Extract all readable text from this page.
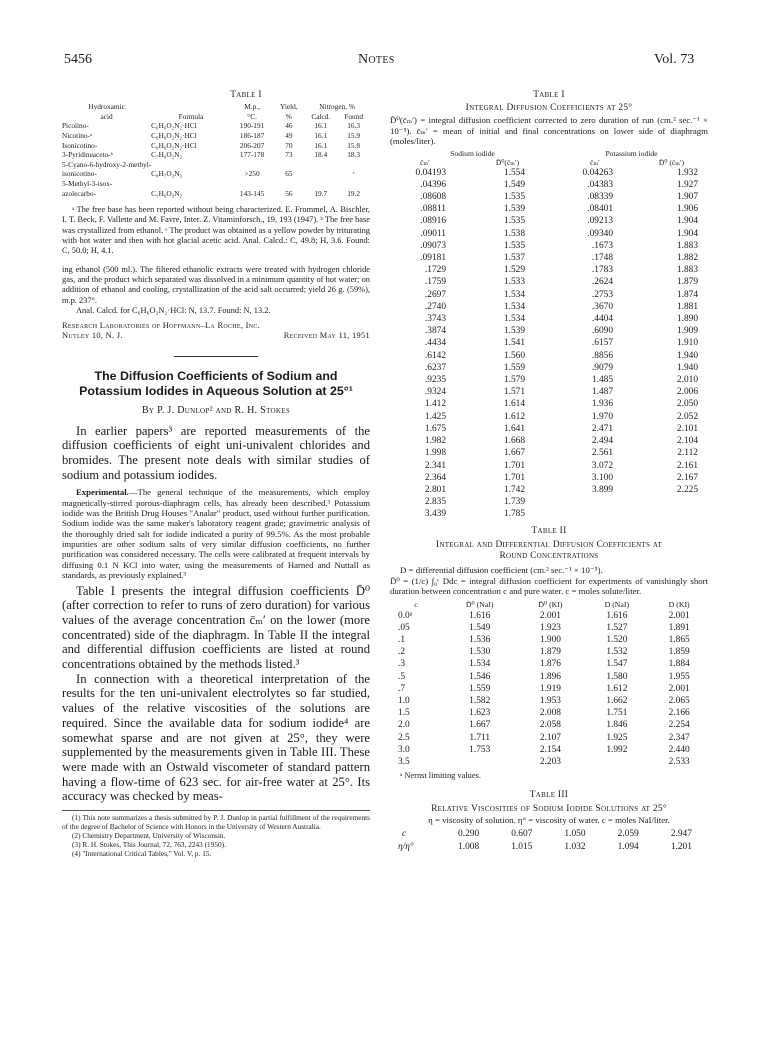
5456	Notes	Vol. 73
Table I
Hydroxamic		M.p.,	Yield,	Nitrogen, %	
acid	Formula	°C.	%	Calcd.	Found
Picolino-	C₆H₆O₂N₂·HCl	190-191	46	16.1	16.3
Nicotino-ᵃ	C₆H₆O₂N₂·HCl	186-187	49	16.1	15.9
Isonicotino-	C₆H₆O₂N₂·HCl	206-207	70	16.1	15.8
3-Pyridineaceto-ᵇ	C₇H₈O₂N₂	177-178	73	18.4	18.3
5-Cyano-6-hydroxy-2-methyl-					
isonicotino-	C₈H₇O₃N₃	>250	65		ᶜ
5-Methyl-3-isox-					
azolecarbo-	C₅H₆O₃N₂	143-145	56	19.7	19.2

ᵃ The free base has been reported without being characterized. E. Frommel, A. Bischler, I. T. Beck, F. Vallette and M. Favre, Inter. Z. Vitaminforsch., 19, 193 (1947). ᵇ The free base was crystallized from ethanol. ᶜ The product was obtained as a yellow powder by triturating with hot water and then with hot glacial acetic acid. Anal. Calcd.: C, 49.8; H, 3.6. Found: C, 50.0; H, 4.1.

ing ethanol (500 ml.). The filtered ethanolic extracts were treated with hydrogen chloride gas, and the product which separated was dissolved in a minimum quantity of hot water; on addition of ethanol and cooling, crystallization of the acid salt occurred; yield 26 g. (59%), m.p. 237°.

Anal. Calcd. for C₆H₆O₂N₂·HCl: N, 13.7. Found: N, 13.2.

Research Laboratories of Hoffmann–La Roche, Inc.
Nutley 10, N. J.	Received May 11, 1951
The Diffusion Coefficients of Sodium and
Potassium Iodides in Aqueous Solution at 25°¹
By P. J. Dunlop² and R. H. Stokes

In earlier papers³ are reported measurements of the diffusion coefficients of eight uni-univalent chlorides and bromides. The present note deals with similar studies of sodium and potassium iodides.

Experimental.—The general technique of the measurements, which employ magnetically-stirred porous-diaphragm cells, has already been described.³ Potassium iodide was the British Drug Houses "Analar" product, used without further purification. Sodium iodide was the same maker's laboratory reagent grade; gravimetric analysis of the thoroughly dried salt for iodide indicated a purity of 99.5%. As the most probable impurities are other sodium salts of very similar diffusion coefficients, no further purification was considered necessary. The cells were calibrated at frequent intervals by diffusing 0.1 N KCl into water, using the measurements of Harned and Nuttall as standards, as previously explained.³

Table I presents the integral diffusion coefficients D̄⁰ (after correction to refer to runs of zero duration) for various values of the average concentration c̄ₘ′ on the lower (more concentrated) side of the diaphragm. In Table II the integral and differential diffusion coefficients are listed at round concentrations obtained by the methods listed.³

In connection with a theoretical interpretation of the results for the ten uni-univalent electrolytes so far studied, values of the relative viscosities of the solutions are required. Since the available data for sodium iodide⁴ are somewhat sparse and are not given at 25°, they were supplemented by the measurements given in Table III. These were made with an Ostwald viscometer of standard pattern having a flow-time of 623 sec. for air-free water at 25°. Its accuracy was checked by meas-

(1) This note summarizes a thesis submitted by P. J. Dunlop in partial fulfillment of the requirements of the degree of Bachelor of Science with Honors in the University of Western Australia.

(2) Chemistry Department, University of Wisconsin.

(3) R. H. Stokes, This Journal, 72, 763, 2243 (1950).

(4) "International Critical Tables," Vol. V, p. 15.

Table I
Integral Diffusion Coefficients at 25°

D̄⁰(c̄ₘ′) = integral diffusion coefficient corrected to zero duration of run (cm.² sec.⁻¹ × 10⁻⁵). c̄ₘ′ = mean of initial and final concentrations on lower side of diaphragm (moles/liter).

Sodium iodide		Potassium iodide	
c̄ₘ′	D̄⁰(c̄ₘ′)	c̄ₘ′	D̄⁰ (c̄ₘ′)
0.04193	1.554	0.04263	1.932
.04396	1.549	.04383	1.927
.08608	1.535	.08339	1.907
.08811	1.539	.08401	1.906
.08916	1.535	.09213	1.904
.09011	1.538	.09340	1.904
.09073	1.535	.1673	1.883
.09181	1.537	.1748	1.882
.1729	1.529	.1783	1.883
.1759	1.533	.2624	1.879
.2697	1.534	.2753	1.874
.2740	1.534	.3670	1.881
.3743	1.534	.4404	1.890
.3874	1.539	.6090	1.909
.4434	1.541	.6157	1.910
.6142	1.560	.8856	1.940
.6237	1.559	.9079	1.940
.9235	1.579	1.485	2.010
.9324	1.571	1.487	2.006
1.412	1.614	1.936	2.050
1.425	1.612	1.970	2.052
1.675	1.641	2.471	2.101
1.982	1.668	2.494	2.104
1.998	1.667	2.561	2.112
2.341	1.701	3.072	2.161
2.364	1.701	3.100	2.167
2.801	1.742	3.899	2.225
2.835	1.739		
3.439	1.785		
Table II
Integral and Differential Diffusion Coefficients at
Round Concentrations

D = differential diffusion coefficient (cm.² sec.⁻¹ × 10⁻⁵).

D̄⁰ = (1/c) ∫₀ᶜ Ddc = integral diffusion coefficient for experiments of vanishingly short duration between concentration c and pure water. c = moles solute/liter.

c	D̄⁰ (NaI)	D̄⁰ (KI)	D (NaI)	D (KI)
0.0ᵃ	1.616	2.001	1.616	2.001
.05	1.549	1.923	1.527	1.891
.1	1.536	1.900	1.520	1.865
.2	1.530	1.879	1.532	1.859
.3	1.534	1.876	1.547	1.884
.5	1.546	1.896	1.580	1.955
.7	1.559	1.919	1.612	2.001
1.0	1.582	1.953	1.662	2.065
1.5	1.623	2.008	1.751	2.166
2.0	1.667	2.058	1.846	2.254
2.5	1.711	2.107	1.925	2.347
3.0	1.753	2.154	1.992	2.440
3.5		2.203		2.533
ᵃ Nernst limiting values.
Table III
Relative Viscosities of Sodium Iodide Solutions at 25°

η = viscosity of solution. η° = viscosity of water. c = moles NaI/liter.

c	0.290	0.607	1.050	2.059	2.947
η/η°	1.008	1.015	1.032	1.094	1.201
